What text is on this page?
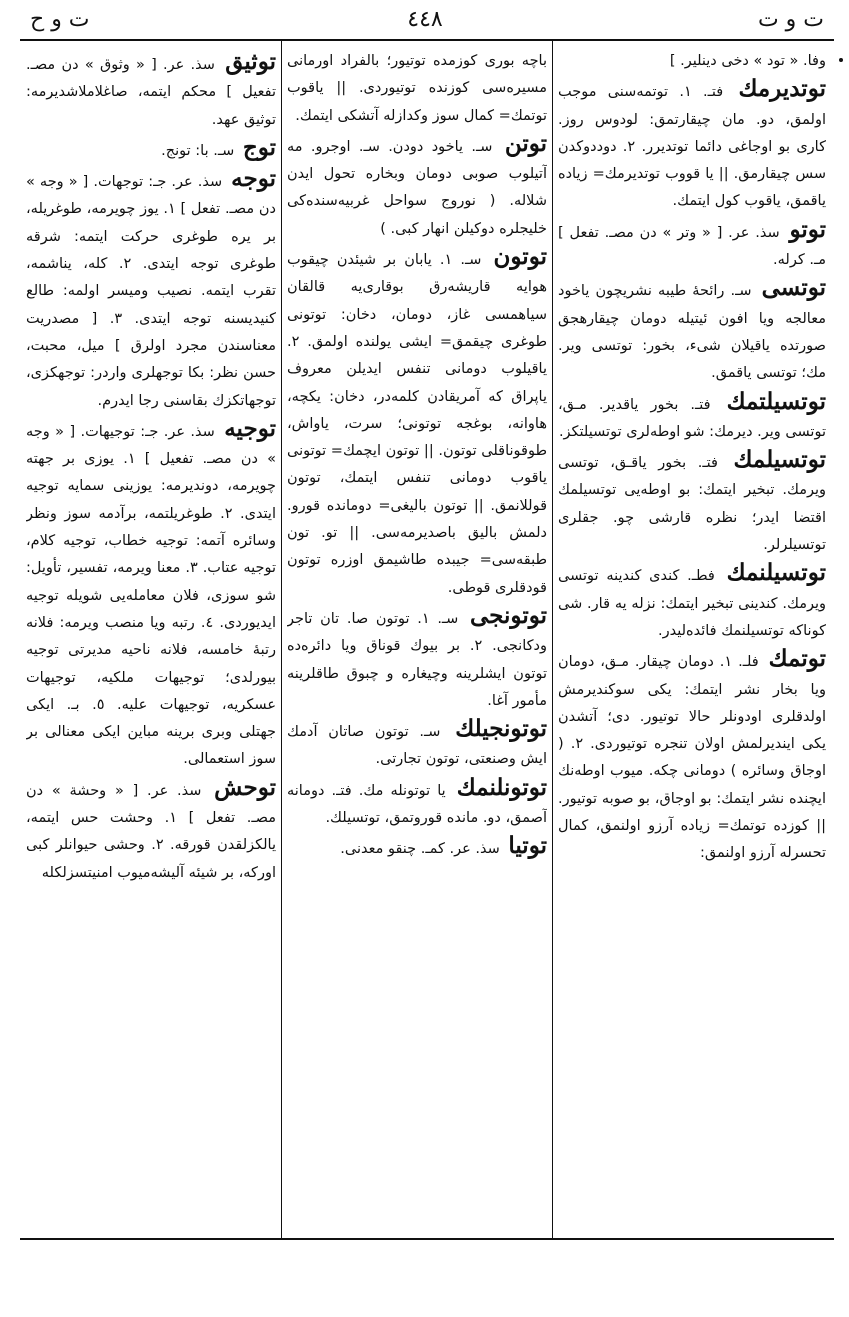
ت و ح	٤٤٨	ت و ت

وفا. « تود » دخی دینلیر. ]

توتدیرمك فتـ. ١. توتمه‌سنی موجب اولمق، دو. مان چیقارتمق: لودوس روز. کاری بو اوجاغی دائما توتدیرر. ٢. دوددوکدن سس چیقارمق. || یا قووب توتدیرمك= زیاده یاقمق، یاقوب کول ایتمك.

توتو سذ. عر. [ « وتر » دن مصـ. تفعل ] مـ. کرله.

توتسی سـ. رائحهٔ طیبه نشریچون یاخود معالجه ویا افون ئیتیله دومان چیقارهجق صورتده یاقیلان شیء، بخور: توتسی ویر. مك؛ توتسی یاقمق.

توتسیلتمك فتـ. بخور یاقدیر. مـق، توتسی ویر. دیرمك: شو اوطه‌لری توتسیلتکز.

توتسیلمك فتـ. بخور یاقـق، توتسی ویرمك. تبخیر ایتمك: بو اوطه‌یی توتسیلمك اقتضا ایدر؛ نظره قارشی چو. جقلری توتسیلرلر.

توتسیلنمك فطـ. کندی کندینه توتسی ویرمك. کندینی تبخیر ایتمك: نزله یه قار. شی کوناکه توتسیلنمك فائده‌لیدر.

توتمك فلـ. ١. دومان چیقار. مـق، دومان ویا بخار نشر ایتمك: یکی سوکندیرمش اولدقلری اودونلر حالا توتیور. دی؛ آتشدن یکی ایندیرلمش اولان تنجره توتیوردی. ٢. ( اوجاق وسائره ) دومانی چکه. میوب اوطه‌نك ایچنده نشر ایتمك: بو اوجاق، بو صوبه توتیور. || کوزده توتمك= زیاده آرزو اولنمق، کمال تحسرله آرزو اولنمق:

باچه بوری کوزمده توتیور؛ بالفراد اورمانی مسیره‌سی کوزنده توتیوردی. || یاقوب توتمك= کمال سوز وکدازله آتشکی ایتمك.

توتن سـ. یاخود دودن. سـ. اوجرو. مه آتیلوب صوبی دومان وبخاره تحول ایدن شلاله. ( نوروج سواحل غربیه‌سنده‌کی خلیجلره دوکیلن انهار کبی. )

توتون سـ. ١. یابان بر شیئدن چیقوب هوایه قاریشه‌رق بوقاری‌یه قالقان سیاهمسی غاز، دومان، دخان: توتونی طوغری چیقمق= ایشی یولنده اولمق. ٢. یاقیلوب دومانی تنفس ایدیلن معروف یاپراق که آمریقادن کلمه‌در، دخان: یکچه، هاوانه، بوغجه توتونی؛ سرت، یاواش، طوقوناقلی توتون. || توتون ایچمك= توتونی یاقوب دومانی تنفس ایتمك، توتون قوللانمق. || توتون بالیغی= دومانده قورو. دلمش بالیق باصدیرمه‌سی. || تو. تون طبقه‌سی= جیبده طاشیمق اوزره توتون قودقلری قوطی.

توتونجی سـ. ١. توتون صا. تان تاجر ودکانجی. ٢. بر بیوك قوناق ویا دائره‌ده توتون ایشلرینه وچیغاره و چبوق طاقلرینه مأمور آغا.

توتونجیلك سـ. توتون صاتان آدمك ایش وصنعتی، توتون تجارتی.

توتونلنمك یا توتونله‌ مك. فتـ. دومانه آصمق، دو. مانده قوروتمق، توتسیلك.

توتیا سذ. عر. کمـ. چنقو معدنی.

توثیق سذ. عر. [ « وثوق » دن مصـ. تفعیل ] محکم ایتمه، صاغلاملاشدیرمه: توثیق عهد.

توج سـ. با: تونج.

توجه سذ. عر. جـ: توجهات. [ « وجه » دن مصـ. تفعل ] ١. یوز چویرمه، طوغریله، بر یره طوغری حرکت ایتمه: شرقه طوغری توجه ایتدی. ٢. کله، یناشمه، تقرب ایتمه. نصیب ومیسر اولمه: طالع کنیدیسنه توجه ایتدی. ٣. [ مصدریت معناسندن مجرد اولرق ] میل، محبت، حسن نظر: بکا توجهلری واردر: توجهکزی، توجهاتکزك بقاسنی رجا ایدرم.

توجیه سذ. عر. جـ: توجیهات. [ « وجه » دن مصـ. تفعیل ] ١. یوزی بر جهته چویرمه، دوندیرمه: یوزینی سمایه توجیه ایتدی. ٢. طوغریلتمه، برآدمه سوز ونظر وسائره آتمه: توجیه خطاب، توجیه کلام، توجیه عتاب. ٣. معنا ویرمه، تفسیر، تأویل: شو سوزی، فلان معامله‌یی شویله توجیه ایدیوردی. ٤. رتبه ویا منصب ویرمه: فلانه رتبهٔ خامسه، فلانه ناحیه مدیرتی توجیه بیورلدی؛ توجیهات ملکیه، توجیهات عسکریه، توجیهات علیه. ٥. بـ. ایکی جهتلی وبری برینه مباین ایکی معنالی بر سوز استعمالی.

توحش سذ. عر. [ « وحشة » دن مصـ. تفعل ] ١. وحشت حس ایتمه، یالکزلقدن قورقه. ٢. وحشی حیوانلر کبی اورکه، بر شیئه آلیشه‌میوب امنیتسزلکله
